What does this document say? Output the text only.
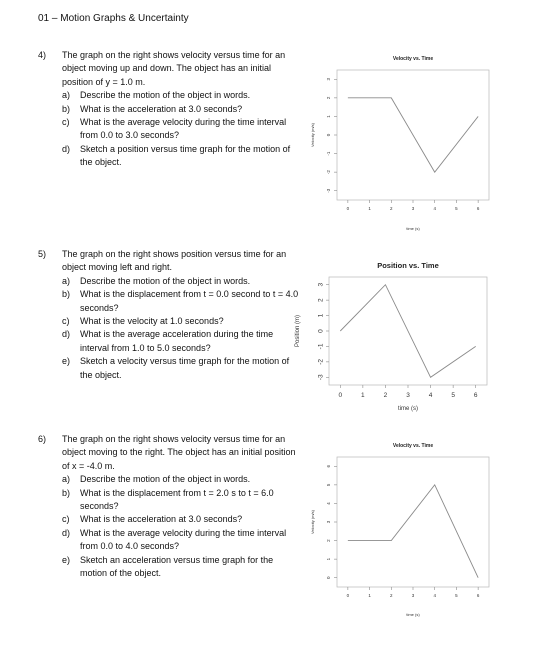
01 – Motion Graphs & Uncertainty
4)	The graph on the right shows velocity versus time for an object moving up and down. The object has an initial position of y = 1.0 m.
a)	Describe the motion of the object in words.
b)	What is the acceleration at 3.0 seconds?
c)	What is the average velocity during the time interval from 0.0 to 3.0 seconds?
d)	Sketch a position versus time graph for the motion of the object.
5)	The graph on the right shows position versus time for an object moving left and right.
a)	Describe the motion of the object in words.
b)	What is the displacement from t = 0.0 second to t = 4.0 seconds?
c)	What is the velocity at 1.0 seconds?
d)	What is the average acceleration during the time interval from 1.0 to 5.0 seconds?
e)	Sketch a velocity versus time graph for the motion of the object.
6)	The graph on the right shows velocity versus time for an object moving to the right. The object has an initial position of x = -4.0 m.
a)	Describe the motion of the object in words.
b)	What is the displacement from t = 2.0 s to t = 6.0 seconds?
c)	What is the acceleration at 3.0 seconds?
d)	What is the average velocity during the time interval from 0.0 to 4.0 seconds?
e)	Sketch an acceleration versus time graph for the motion of the object.
Velocity vs. Time
-3
-2
-1
0
1
2
3
0	1	2	3	4	5	6
time (s)
Velocity (m/s)
Position vs. Time
-3
-2
-1
0
1
2
3
0	1	2	3	4	5	6
time (s)
Position (m)
Velocity vs. Time
0
1
2
3
4
5
6
0	1	2	3	4	5	6
time (s)
Velocity (m/s)
